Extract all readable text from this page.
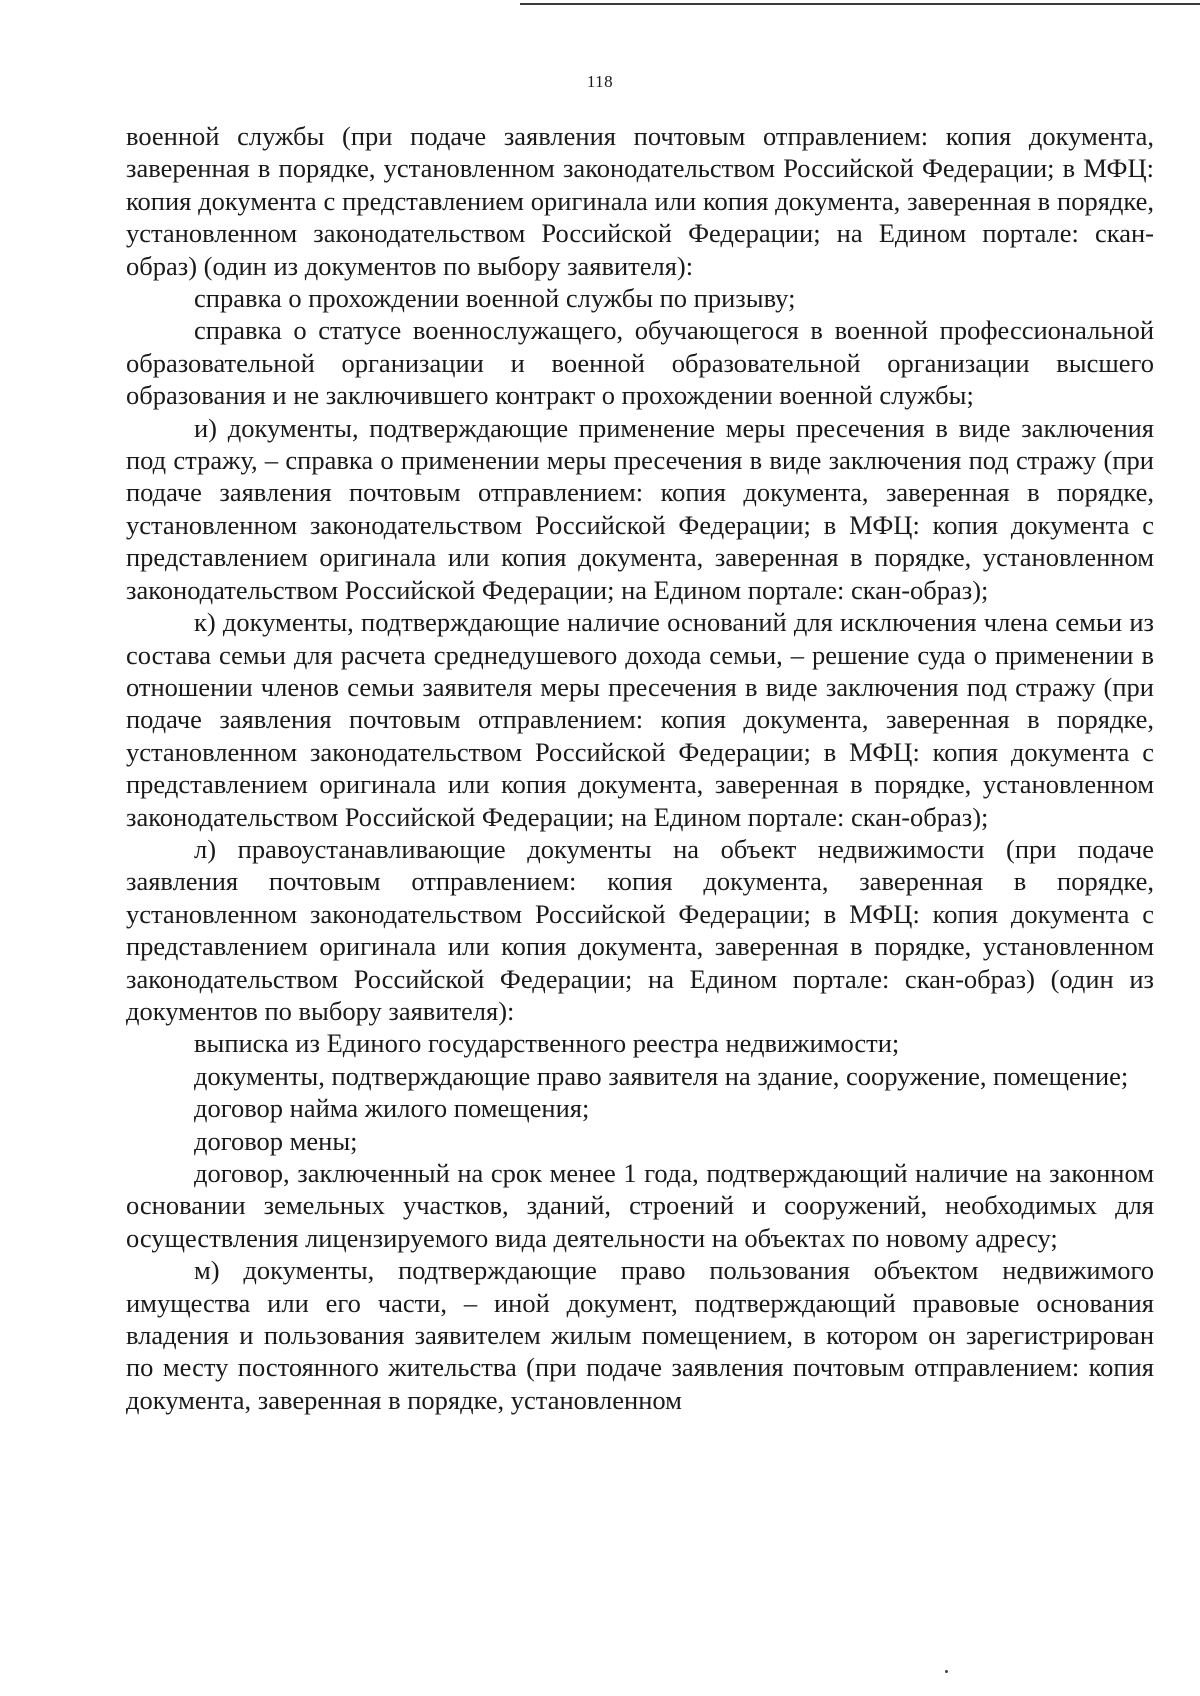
118

военной службы (при подаче заявления почтовым отправлением: копия документа, заверенная в порядке, установленном законодательством Российской Федерации; в МФЦ: копия документа с представлением оригинала или копия документа, заверенная в порядке, установленном законодательством Российской Федерации; на Едином портале: скан-образ) (один из документов по выбору заявителя):

справка о прохождении военной службы по призыву;

справка о статусе военнослужащего, обучающегося в военной профессиональной образовательной организации и военной образовательной организации высшего образования и не заключившего контракт о прохождении военной службы;

и) документы, подтверждающие применение меры пресечения в виде заключения под стражу, – справка о применении меры пресечения в виде заключения под стражу (при подаче заявления почтовым отправлением: копия документа, заверенная в порядке, установленном законодательством Российской Федерации; в МФЦ: копия документа с представлением оригинала или копия документа, заверенная в порядке, установленном законодательством Российской Федерации; на Едином портале: скан-образ);

к) документы, подтверждающие наличие оснований для исключения члена семьи из состава семьи для расчета среднедушевого дохода семьи, – решение суда о применении в отношении членов семьи заявителя меры пресечения в виде заключения под стражу (при подаче заявления почтовым отправлением: копия документа, заверенная в порядке, установленном законодательством Российской Федерации; в МФЦ: копия документа с представлением оригинала или копия документа, заверенная в порядке, установленном законодательством Российской Федерации; на Едином портале: скан-образ);

л) правоустанавливающие документы на объект недвижимости (при подаче заявления почтовым отправлением: копия документа, заверенная в порядке, установленном законодательством Российской Федерации; в МФЦ: копия документа с представлением оригинала или копия документа, заверенная в порядке, установленном законодательством Российской Федерации; на Едином портале: скан-образ) (один из документов по выбору заявителя):

выписка из Единого государственного реестра недвижимости;

документы, подтверждающие право заявителя на здание, сооружение, помещение;

договор найма жилого помещения;

договор мены;

договор, заключенный на срок менее 1 года, подтверждающий наличие на законном основании земельных участков, зданий, строений и сооружений, необходимых для осуществления лицензируемого вида деятельности на объектах по новому адресу;

м) документы, подтверждающие право пользования объектом недвижимого имущества или его части, – иной документ, подтверждающий правовые основания владения и пользования заявителем жилым помещением, в котором он зарегистрирован по месту постоянного жительства (при подаче заявления почтовым отправлением: копия документа, заверенная в порядке, установленном
